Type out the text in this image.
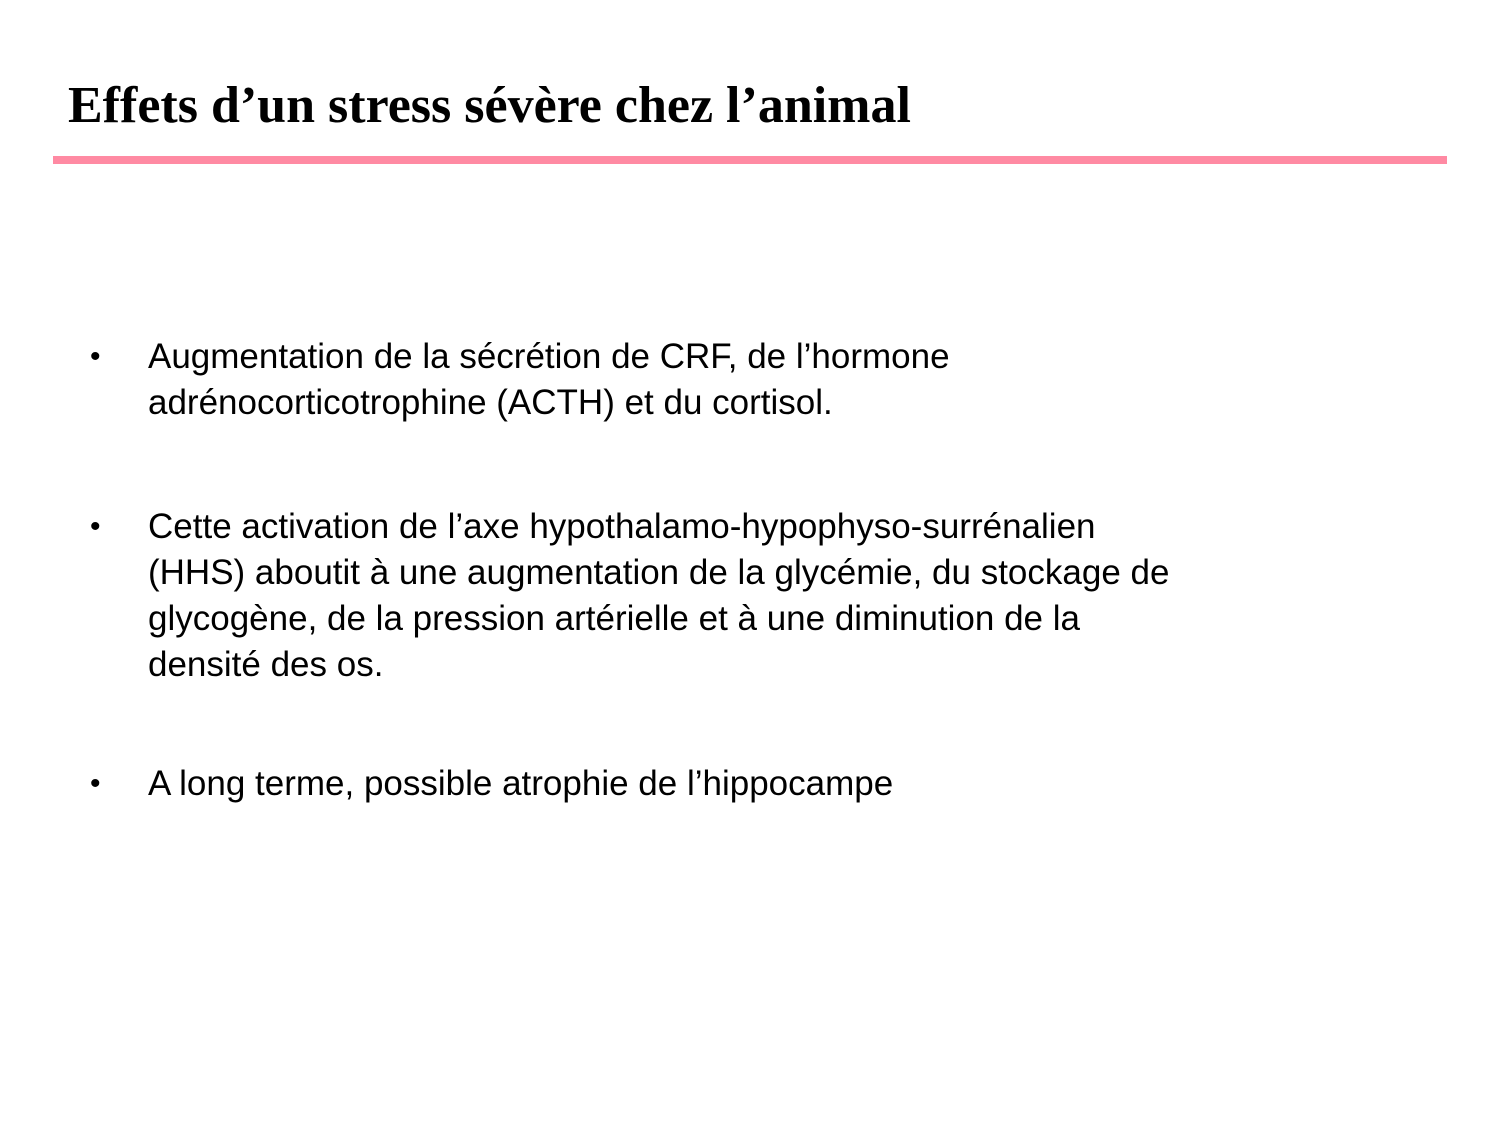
Effets d’un stress sévère chez l’animal
• Augmentation de la sécrétion de CRF, de l’hormone
adrénocorticotrophine (ACTH) et du cortisol.
• Cette activation de l’axe hypothalamo-hypophyso-surrénalien
(HHS) aboutit à une augmentation de la glycémie, du stockage de
glycogène, de la pression artérielle et à une diminution de la
densité des os.
• A long terme, possible atrophie de l’hippocampe
